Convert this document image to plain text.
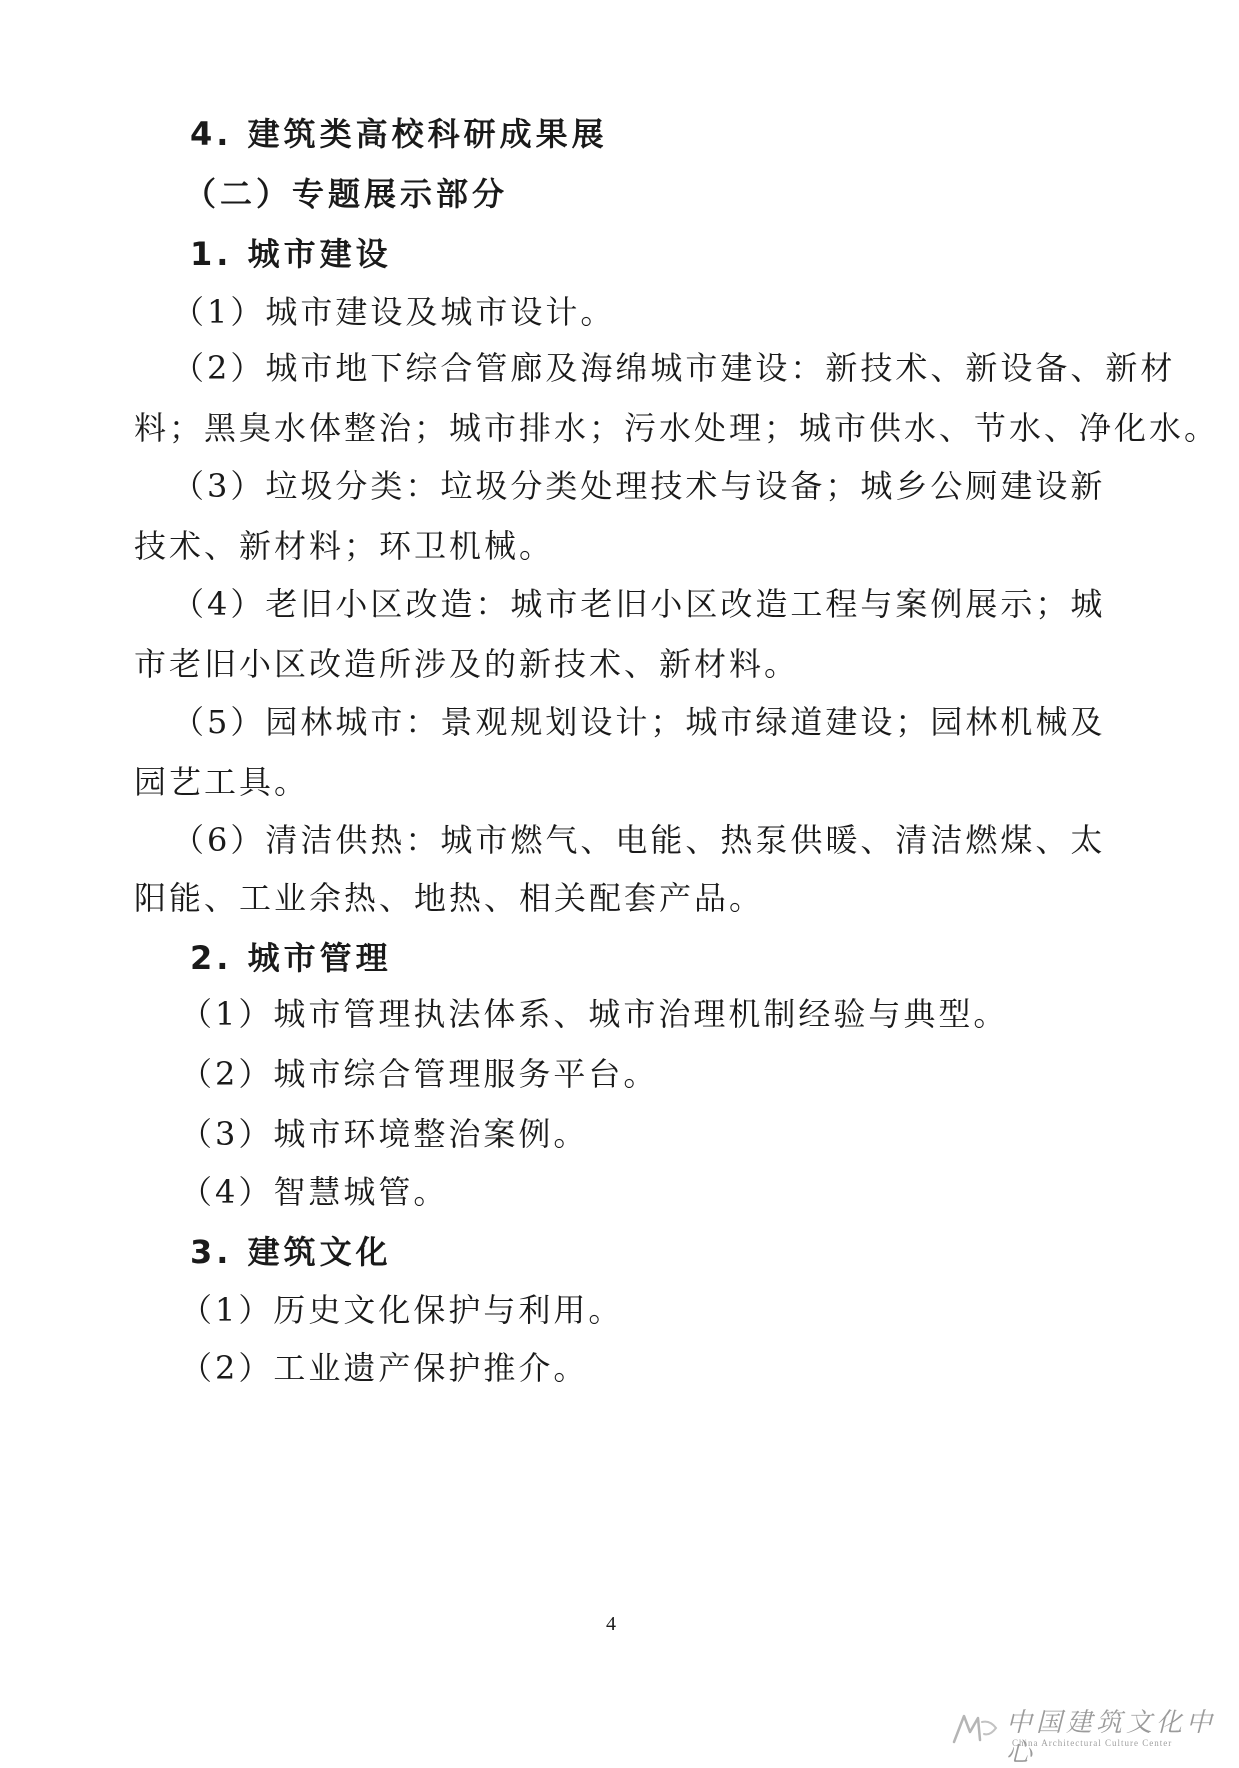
4. 建筑类高校科研成果展
（二）专题展示部分
1. 城市建设
（1）城市建设及城市设计。
（2）城市地下综合管廊及海绵城市建设：新技术、新设备、新材
料；黑臭水体整治；城市排水；污水处理；城市供水、节水、净化水。
（3）垃圾分类：垃圾分类处理技术与设备；城乡公厕建设新
技术、新材料；环卫机械。
（4）老旧小区改造：城市老旧小区改造工程与案例展示；城
市老旧小区改造所涉及的新技术、新材料。
（5）园林城市：景观规划设计；城市绿道建设；园林机械及
园艺工具。
（6）清洁供热：城市燃气、电能、热泵供暖、清洁燃煤、太
阳能、工业余热、地热、相关配套产品。
2. 城市管理
（1）城市管理执法体系、城市治理机制经验与典型。
（2）城市综合管理服务平台。
（3）城市环境整治案例。
（4）智慧城管。
3. 建筑文化
（1）历史文化保护与利用。
（2）工业遗产保护推介。
4
中国建筑文化中心
China Architectural Culture Center
